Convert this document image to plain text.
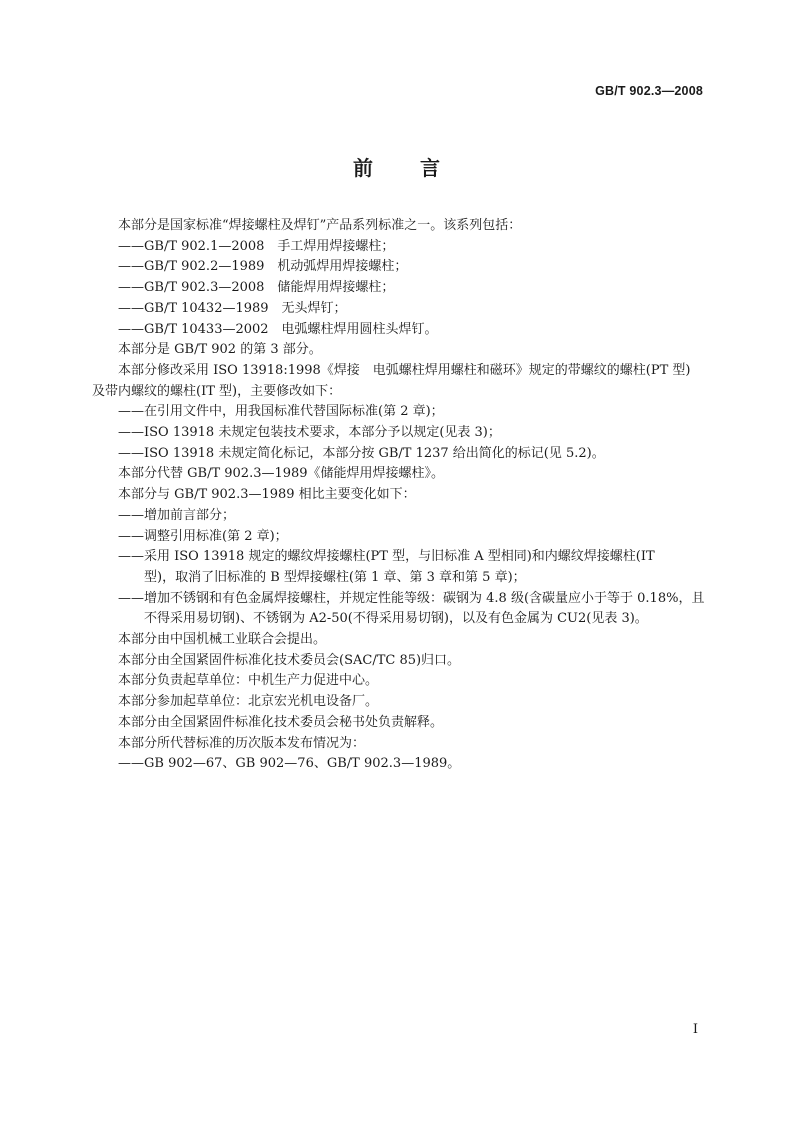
GB/T 902.3—2008
前 言
本部分是国家标准“焊接螺柱及焊钉”产品系列标准之一。该系列包括：
——GB/T 902.1—2008　手工焊用焊接螺柱；
——GB/T 902.2—1989　机动弧焊用焊接螺柱；
——GB/T 902.3—2008　储能焊用焊接螺柱；
——GB/T 10432—1989　无头焊钉；
——GB/T 10433—2002　电弧螺柱焊用圆柱头焊钉。
本部分是 GB/T 902 的第 3 部分。
本部分修改采用 ISO 13918:1998《焊接　电弧螺柱焊用螺柱和磁环》规定的带螺纹的螺柱(PT 型)
及带内螺纹的螺柱(IT 型)，主要修改如下：
——在引用文件中，用我国标准代替国际标准(第 2 章)；
——ISO 13918 未规定包装技术要求，本部分予以规定(见表 3)；
——ISO 13918 未规定简化标记，本部分按 GB/T 1237 给出简化的标记(见 5.2)。
本部分代替 GB/T 902.3—1989《储能焊用焊接螺柱》。
本部分与 GB/T 902.3—1989 相比主要变化如下：
——增加前言部分；
——调整引用标准(第 2 章)；
——采用 ISO 13918 规定的螺纹焊接螺柱(PT 型，与旧标准 A 型相同)和内螺纹焊接螺柱(IT
型)，取消了旧标准的 B 型焊接螺柱(第 1 章、第 3 章和第 5 章)；
——增加不锈钢和有色金属焊接螺柱，并规定性能等级：碳钢为 4.8 级(含碳量应小于等于 0.18%，且
不得采用易切钢)、不锈钢为 A2-50(不得采用易切钢)，以及有色金属为 CU2(见表 3)。
本部分由中国机械工业联合会提出。
本部分由全国紧固件标准化技术委员会(SAC/TC 85)归口。
本部分负责起草单位：中机生产力促进中心。
本部分参加起草单位：北京宏光机电设备厂。
本部分由全国紧固件标准化技术委员会秘书处负责解释。
本部分所代替标准的历次版本发布情况为：
——GB 902—67、GB 902—76、GB/T 902.3—1989。
I
